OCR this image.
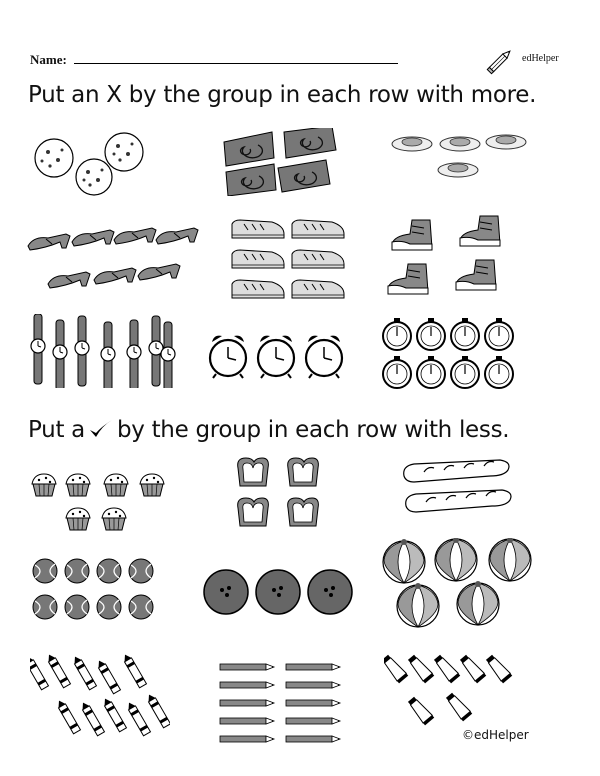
Name:	edHelper
Put an X by the group in each row with more.
Put a by the group in each row with less.
©edHelper
